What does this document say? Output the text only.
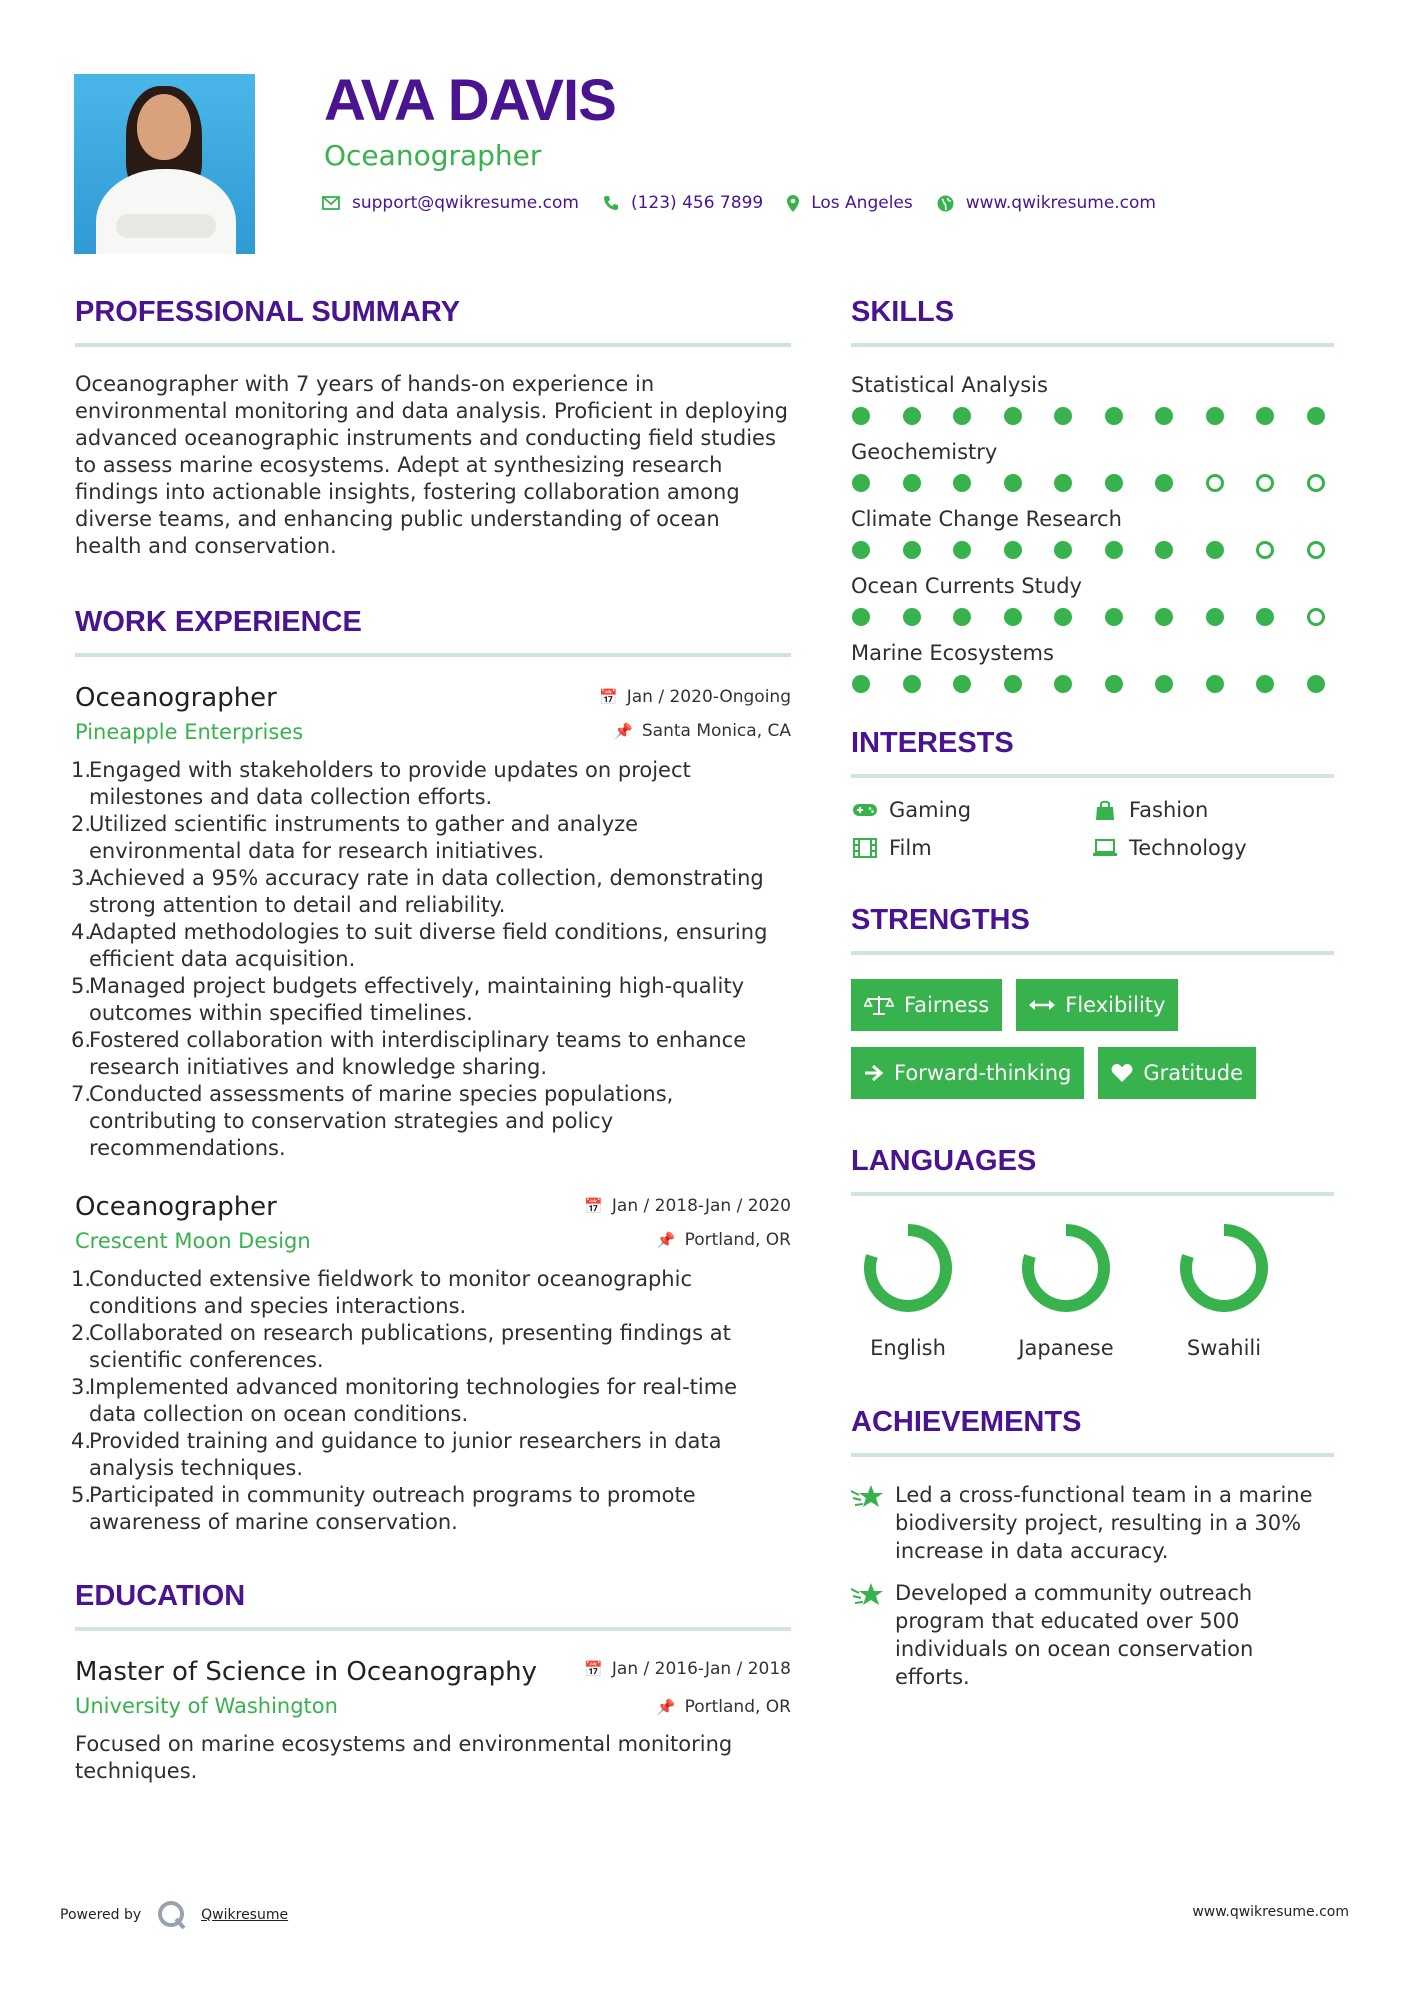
AVA DAVIS
Oceanographer
support@qwikresume.com	(123) 456 7899	Los Angeles	www.qwikresume.com
PROFESSIONAL SUMMARY

Oceanographer with 7 years of hands-on experience in environmental monitoring and data analysis. Proficient in deploying advanced oceanographic instruments and conducting field studies to assess marine ecosystems. Adept at synthesizing research findings into actionable insights, fostering collaboration among diverse teams, and enhancing public understanding of ocean health and conservation.

WORK EXPERIENCE
Oceanographer	📅 Jan / 2020-Ongoing
Pineapple Enterprises	📌 Santa Monica, CA
1.
Engaged with stakeholders to provide updates on project milestones and data collection efforts.
2.
Utilized scientific instruments to gather and analyze environmental data for research initiatives.
3.
Achieved a 95% accuracy rate in data collection, demonstrating strong attention to detail and reliability.
4.
Adapted methodologies to suit diverse field conditions, ensuring efficient data acquisition.
5.
Managed project budgets effectively, maintaining high-quality outcomes within specified timelines.
6.
Fostered collaboration with interdisciplinary teams to enhance research initiatives and knowledge sharing.
7.
Conducted assessments of marine species populations, contributing to conservation strategies and policy recommendations.
Oceanographer	📅 Jan / 2018-Jan / 2020
Crescent Moon Design	📌 Portland, OR
1.
Conducted extensive fieldwork to monitor oceanographic conditions and species interactions.
2.
Collaborated on research publications, presenting findings at scientific conferences.
3.
Implemented advanced monitoring technologies for real-time data collection on ocean conditions.
4.
Provided training and guidance to junior researchers in data analysis techniques.
5.
Participated in community outreach programs to promote awareness of marine conservation.
EDUCATION
Master of Science in Oceanography	📅 Jan / 2016-Jan / 2018
University of Washington	📌 Portland, OR

Focused on marine ecosystems and environmental monitoring techniques.

SKILLS
Statistical Analysis
Geochemistry
Climate Change Research
Ocean Currents Study
Marine Ecosystems
INTERESTS
Gaming	Fashion
Film	Technology
STRENGTHS
Fairness	Flexibility
Forward-thinking	Gratitude
LANGUAGES
English	Japanese	Swahili
ACHIEVEMENTS
Led a cross-functional team in a marine biodiversity project, resulting in a 30% increase in data accuracy.
Developed a community outreach program that educated over 500 individuals on ocean conservation efforts.
Powered by	Qwikresume	www.qwikresume.com
